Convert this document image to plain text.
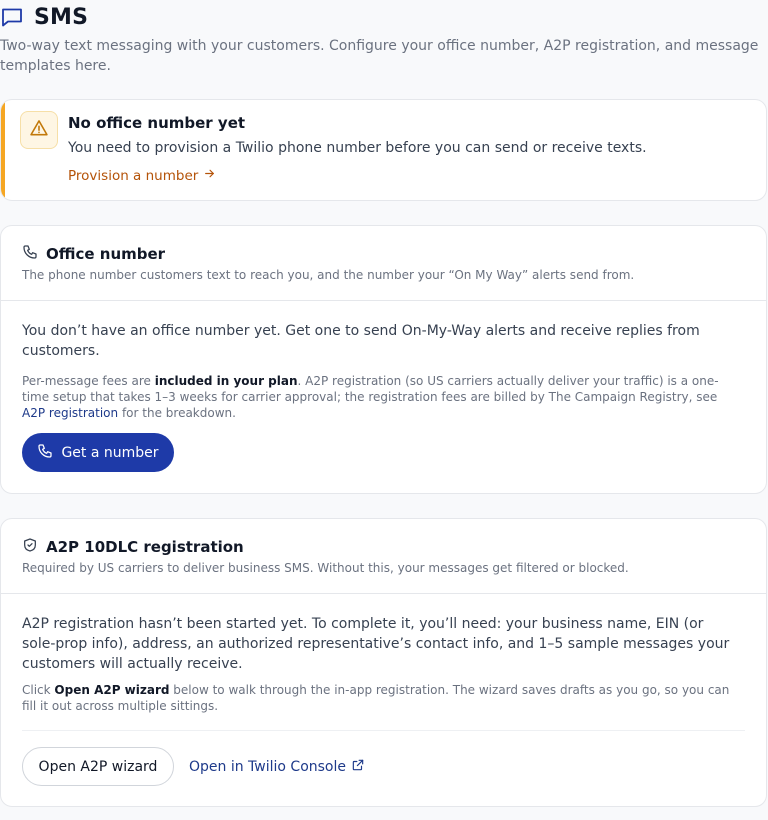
SMS

Two-way text messaging with your customers. Configure your office number, A2P registration, and message templates here.

No office number yet
You need to provision a Twilio phone number before you can send or receive texts.
Provision a number
Office number
The phone number customers text to reach you, and the number your “On My Way” alerts send from.

You don’t have an office number yet. Get one to send On-My-Way alerts and receive replies from customers.

Per-message fees are included in your plan. A2P registration (so US carriers actually deliver your traffic) is a one-time setup that takes 1–3 weeks for carrier approval; the registration fees are billed by The Campaign Registry, see A2P registration for the breakdown.

Get a number
A2P 10DLC registration
Required by US carriers to deliver business SMS. Without this, your messages get filtered or blocked.

A2P registration hasn’t been started yet. To complete it, you’ll need: your business name, EIN (or sole-prop info), address, an authorized representative’s contact info, and 1–5 sample messages your customers will actually receive.

Click Open A2P wizard below to walk through the in-app registration. The wizard saves drafts as you go, so you can fill it out across multiple sittings.

Open A2P wizard	Open in Twilio Console
